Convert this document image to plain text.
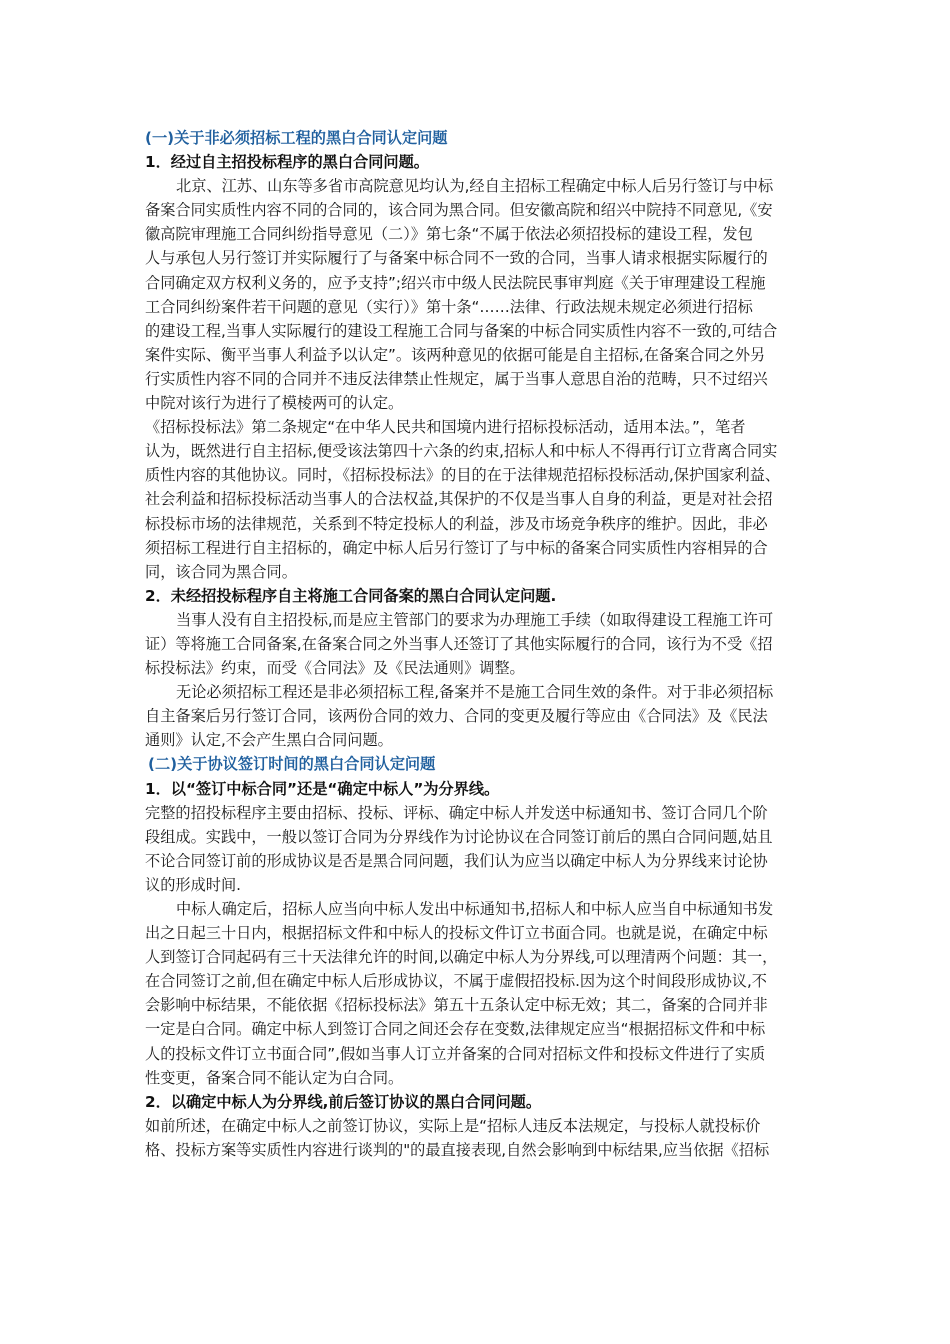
(一)关于非必须招标工程的黑白合同认定问题
1．经过自主招投标程序的黑白合同问题。
北京、江苏、山东等多省市高院意见均认为,经自主招标工程确定中标人后另行签订与中标
备案合同实质性内容不同的合同的，该合同为黑合同。但安徽高院和绍兴中院持不同意见,《安
徽高院审理施工合同纠纷指导意见（二）》第七条“不属于依法必须招投标的建设工程，发包
人与承包人另行签订并实际履行了与备案中标合同不一致的合同，当事人请求根据实际履行的
合同确定双方权利义务的，应予支持”;绍兴市中级人民法院民事审判庭《关于审理建设工程施
工合同纠纷案件若干问题的意见（实行）》第十条“……法律、行政法规未规定必须进行招标
的建设工程,当事人实际履行的建设工程施工合同与备案的中标合同实质性内容不一致的,可结合
案件实际、衡平当事人利益予以认定”。该两种意见的依据可能是自主招标,在备案合同之外另
行实质性内容不同的合同并不违反法律禁止性规定，属于当事人意思自治的范畴，只不过绍兴
中院对该行为进行了模棱两可的认定。
《招标投标法》第二条规定“在中华人民共和国境内进行招标投标活动，适用本法。”，笔者
认为，既然进行自主招标,便受该法第四十六条的约束,招标人和中标人不得再行订立背离合同实
质性内容的其他协议。同时，《招标投标法》的目的在于法律规范招标投标活动,保护国家利益、
社会利益和招标投标活动当事人的合法权益,其保护的不仅是当事人自身的利益，更是对社会招
标投标市场的法律规范，关系到不特定投标人的利益，涉及市场竞争秩序的维护。因此，非必
须招标工程进行自主招标的，确定中标人后另行签订了与中标的备案合同实质性内容相异的合
同，该合同为黑合同。
2．未经招投标程序自主将施工合同备案的黑白合同认定问题.
当事人没有自主招投标,而是应主管部门的要求为办理施工手续（如取得建设工程施工许可
证）等将施工合同备案,在备案合同之外当事人还签订了其他实际履行的合同，该行为不受《招
标投标法》约束，而受《合同法》及《民法通则》调整。
无论必须招标工程还是非必须招标工程,备案并不是施工合同生效的条件。对于非必须招标
自主备案后另行签订合同，该两份合同的效力、合同的变更及履行等应由《合同法》及《民法
通则》认定,不会产生黑白合同问题。
(二)关于协议签订时间的黑白合同认定问题
1．以“签订中标合同”还是“确定中标人”为分界线。
完整的招投标程序主要由招标、投标、评标、确定中标人并发送中标通知书、签订合同几个阶
段组成。实践中，一般以签订合同为分界线作为讨论协议在合同签订前后的黑白合同问题,姑且
不论合同签订前的形成协议是否是黑合同问题，我们认为应当以确定中标人为分界线来讨论协
议的形成时间.
中标人确定后，招标人应当向中标人发出中标通知书,招标人和中标人应当自中标通知书发
出之日起三十日内，根据招标文件和中标人的投标文件订立书面合同。也就是说，在确定中标
人到签订合同起码有三十天法律允许的时间,以确定中标人为分界线,可以理清两个问题：其一，
在合同签订之前,但在确定中标人后形成协议，不属于虚假招投标.因为这个时间段形成协议,不
会影响中标结果，不能依据《招标投标法》第五十五条认定中标无效；其二，备案的合同并非
一定是白合同。确定中标人到签订合同之间还会存在变数,法律规定应当“根据招标文件和中标
人的投标文件订立书面合同”,假如当事人订立并备案的合同对招标文件和投标文件进行了实质
性变更，备案合同不能认定为白合同。
2．以确定中标人为分界线,前后签订协议的黑白合同问题。
如前所述，在确定中标人之前签订协议，实际上是“招标人违反本法规定，与投标人就投标价
格、投标方案等实质性内容进行谈判的"的最直接表现,自然会影响到中标结果,应当依据《招标
